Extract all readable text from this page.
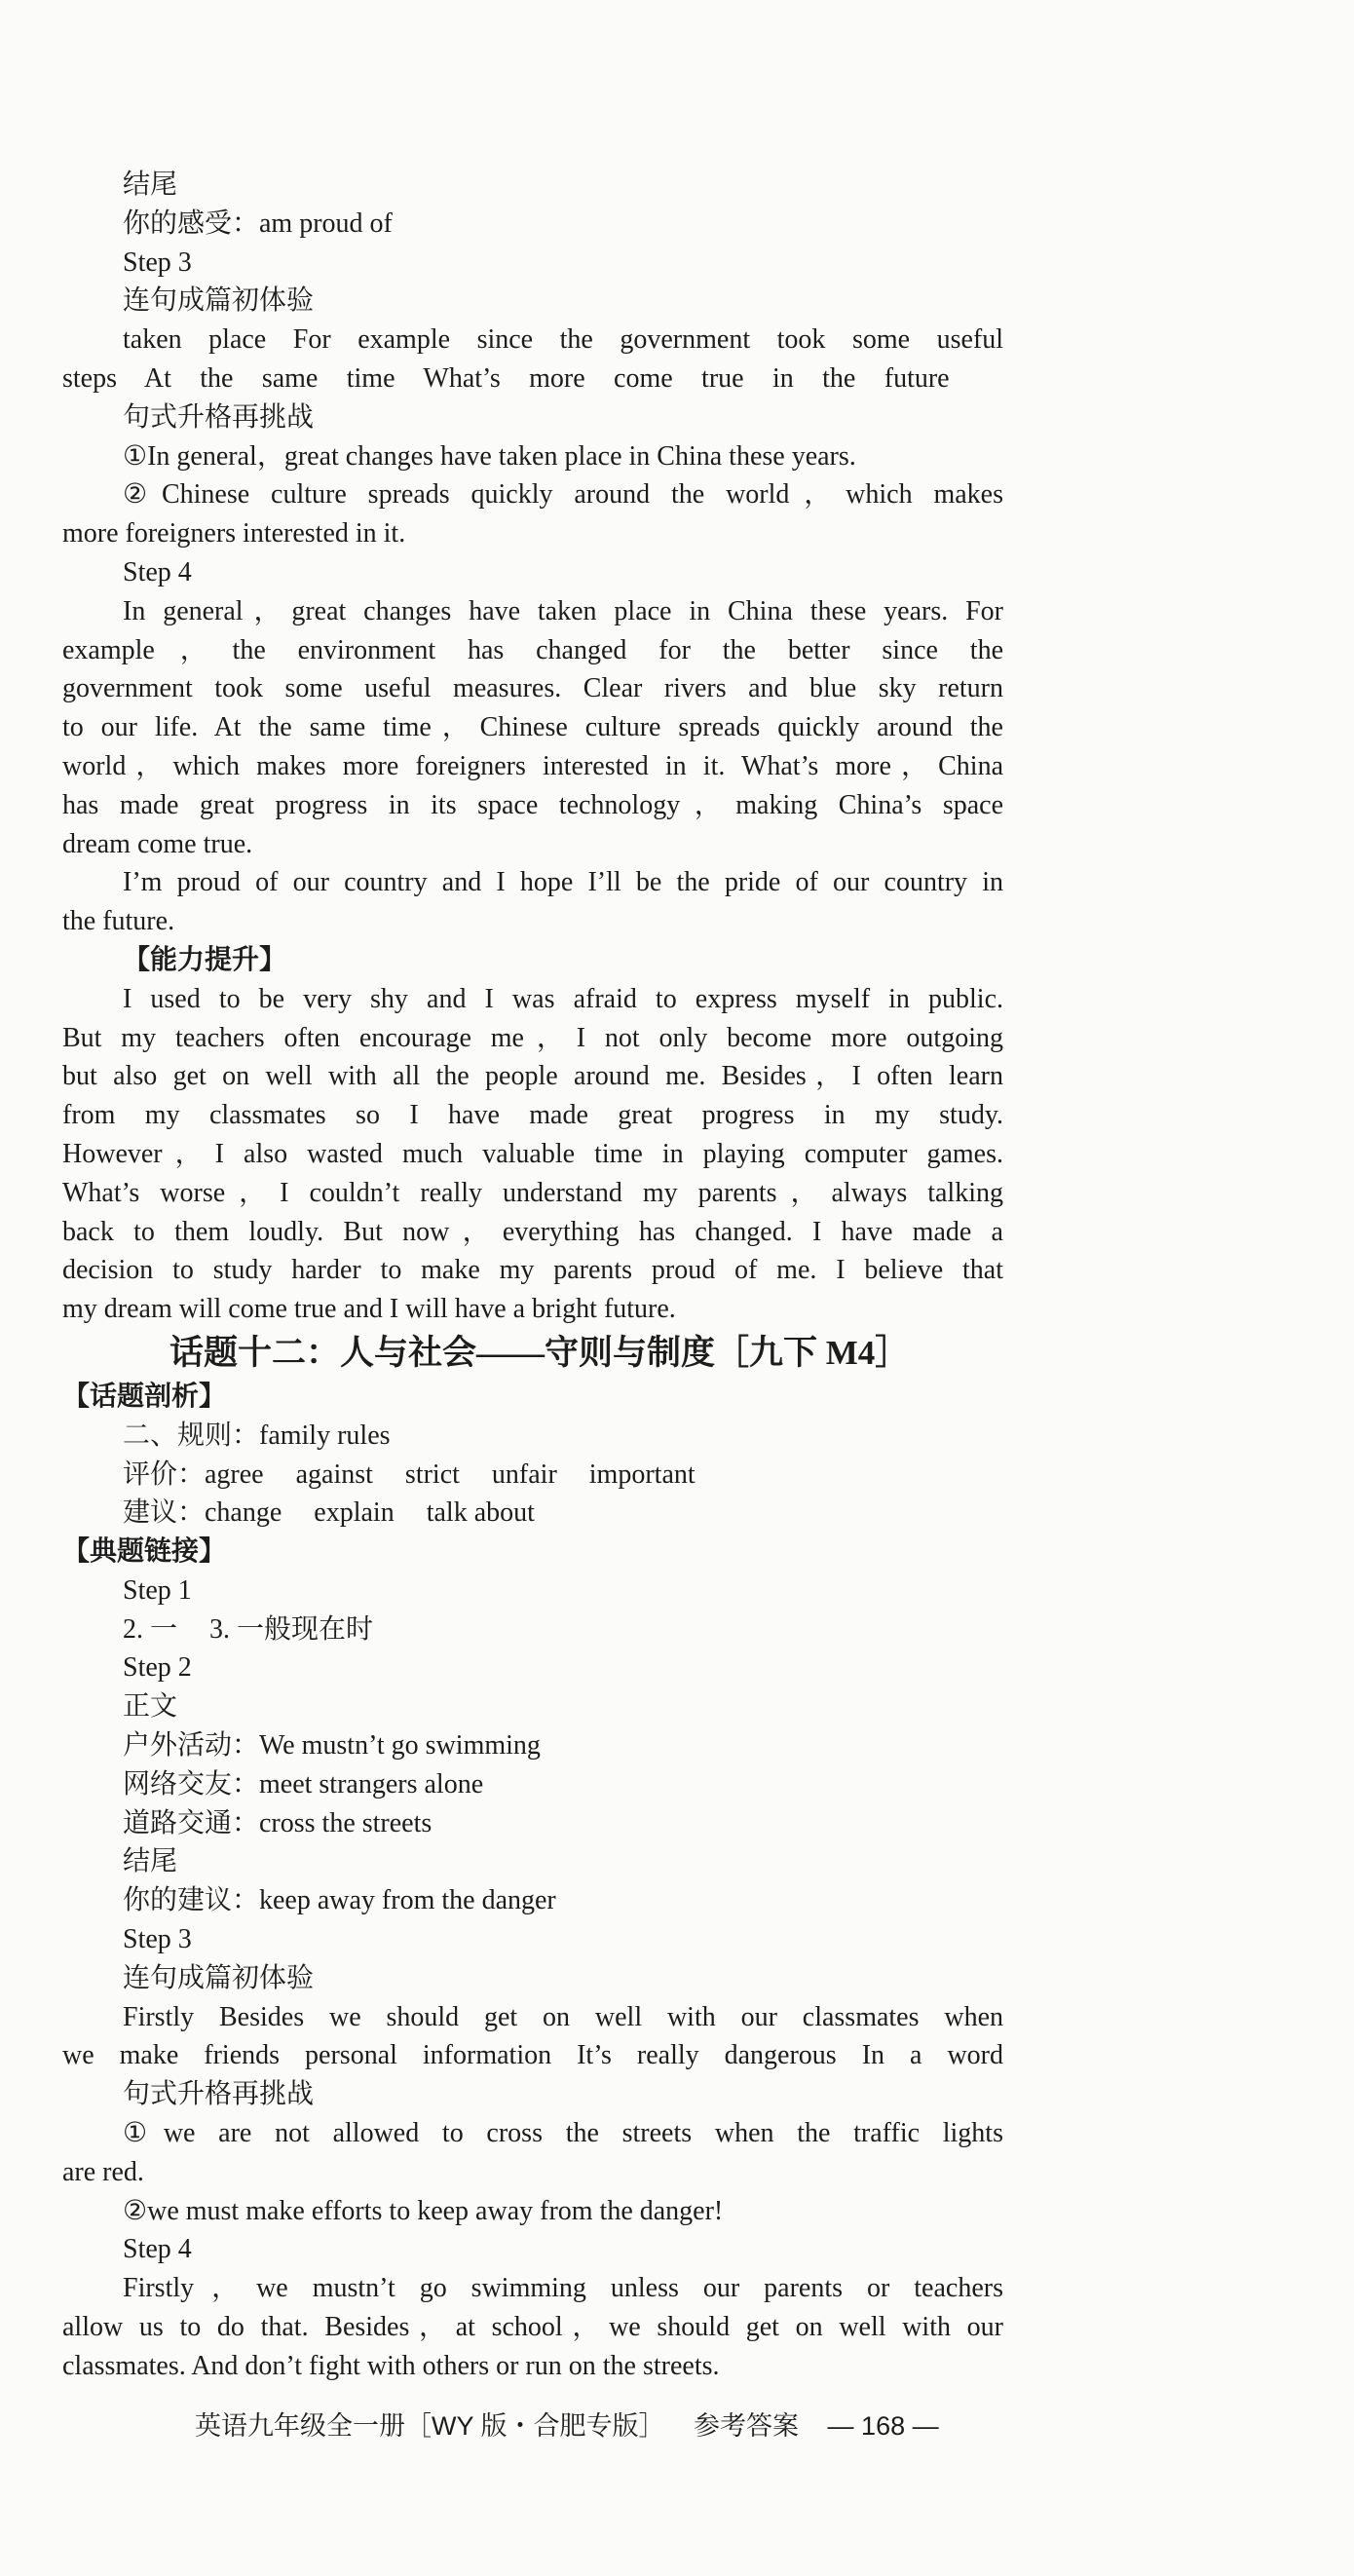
结尾
你的感受：am proud of
Step 3
连句成篇初体验
taken place For example since the government took some useful
steps At the same time What’s more come true in the future
句式升格再挑战
①In general，great changes have taken place in China these years.
②Chinese culture spreads quickly around the world，which makes
more foreigners interested in it.
Step 4
In general，great changes have taken place in China these years. For
example，the environment has changed for the better since the
government took some useful measures. Clear rivers and blue sky return
to our life. At the same time，Chinese culture spreads quickly around the
world，which makes more foreigners interested in it. What’s more，China
has made great progress in its space technology，making China’s space
dream come true.
I’m proud of our country and I hope I’ll be the pride of our country in
the future.
【能力提升】
I used to be very shy and I was afraid to express myself in public.
But my teachers often encourage me，I not only become more outgoing
but also get on well with all the people around me. Besides，I often learn
from my classmates so I have made great progress in my study.
However，I also wasted much valuable time in playing computer games.
What’s worse，I couldn’t really understand my parents，always talking
back to them loudly. But now，everything has changed. I have made a
decision to study harder to make my parents proud of me. I believe that
my dream will come true and I will have a bright future.
话题十二：人与社会——守则与制度［九下 M4］
【话题剖析】
二、规则：family rules
评价：agree against strict unfair important
建议：change explain talk about
【典题链接】
Step 1
2. 一 3. 一般现在时
Step 2
正文
户外活动：We mustn’t go swimming
网络交友：meet strangers alone
道路交通：cross the streets
结尾
你的建议：keep away from the danger
Step 3
连句成篇初体验
Firstly Besides we should get on well with our classmates when
we make friends personal information It’s really dangerous In a word
句式升格再挑战
①we are not allowed to cross the streets when the traffic lights
are red.
②we must make efforts to keep away from the danger!
Step 4
Firstly，we mustn’t go swimming unless our parents or teachers
allow us to do that. Besides，at school，we should get on well with our
classmates. And don’t fight with others or run on the streets.
英语九年级全一册［WY 版・合肥专版］ 参考答案 — 168 —
